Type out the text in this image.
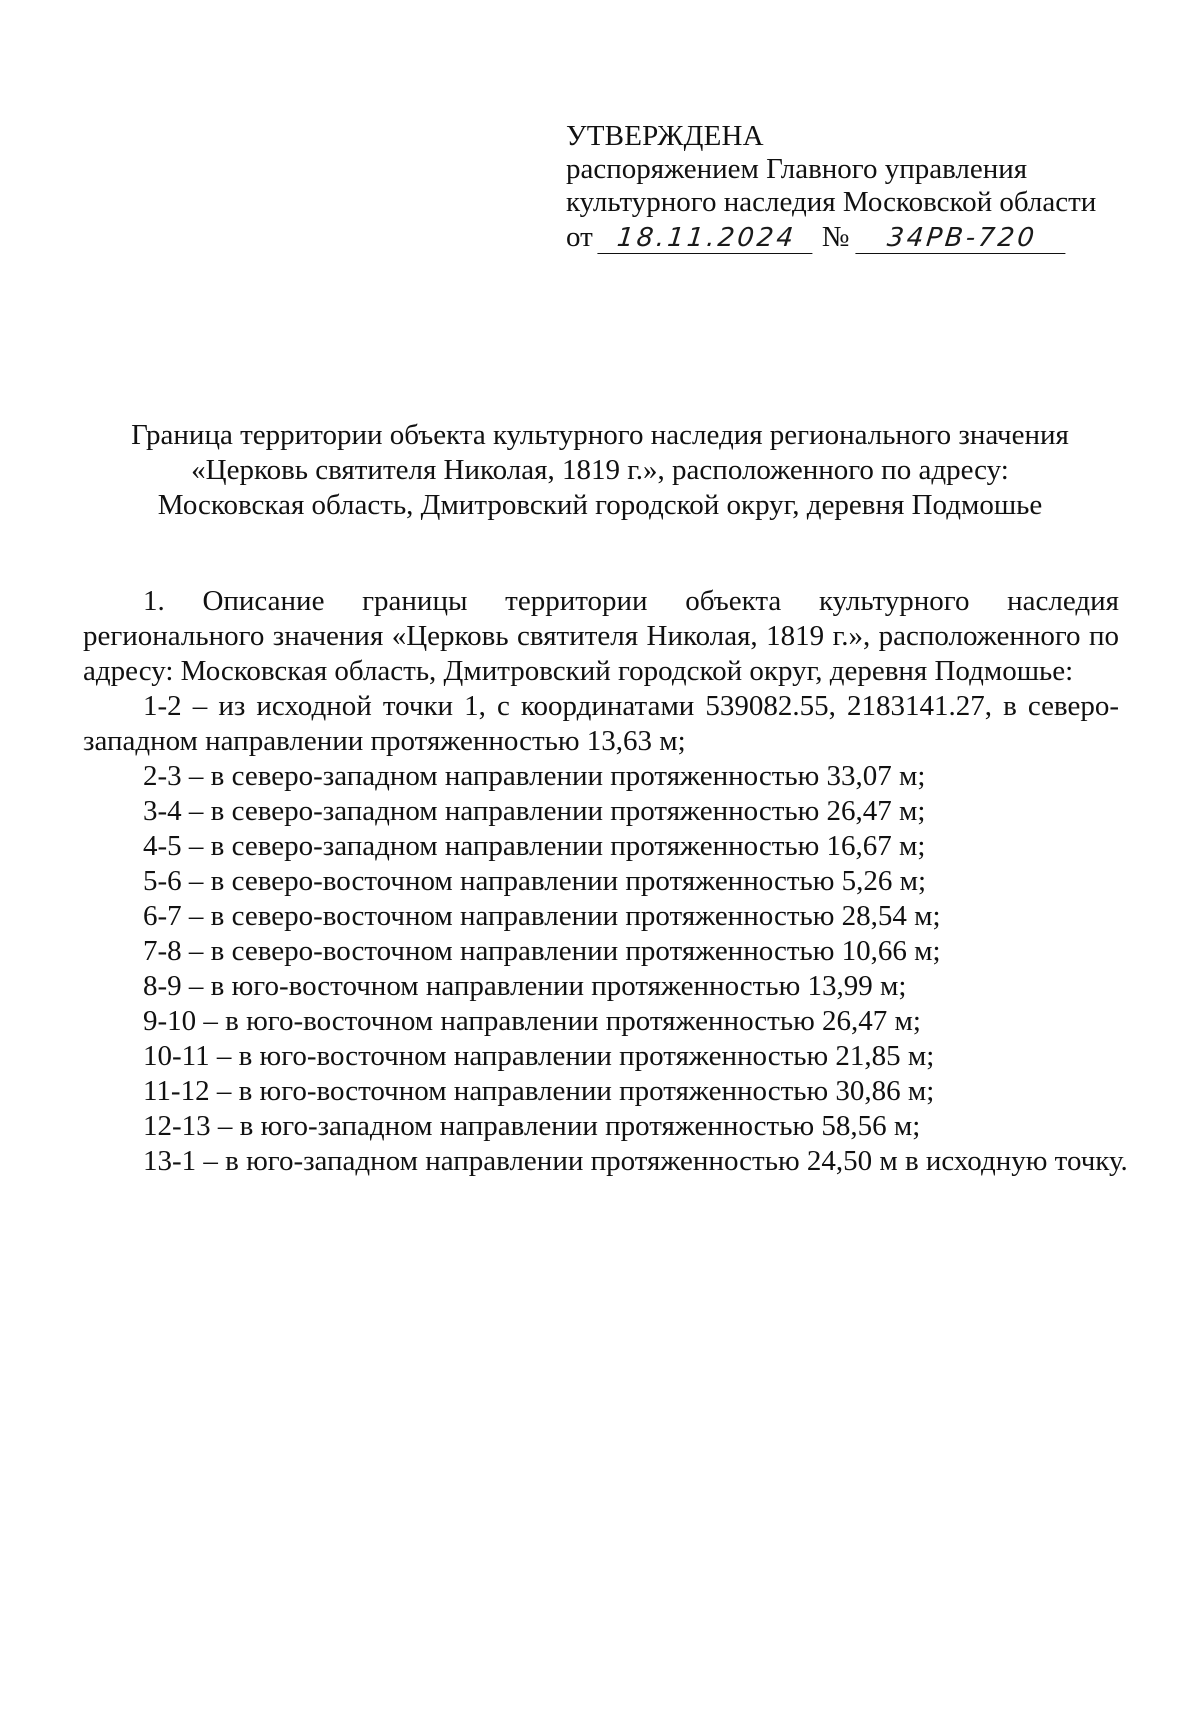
УТВЕРЖДЕНА
распоряжением Главного управления
культурного наследия Московской области
от 18.11.2024 № 34РВ-720
Граница территории объекта культурного наследия регионального значения
«Церковь святителя Николая, 1819 г.», расположенного по адресу:
Московская область, Дмитровский городской округ, деревня Подмошье

1. Описание границы территории объекта культурного наследия регионального значения «Церковь святителя Николая, 1819 г.», расположенного по адресу: Московская область, Дмитровский городской округ, деревня Подмошье:

1-2 – из исходной точки 1, с координатами 539082.55, 2183141.27, в северо-западном направлении протяженностью 13,63 м;

2-3 – в северо-западном направлении протяженностью 33,07 м;

3-4 – в северо-западном направлении протяженностью 26,47 м;

4-5 – в северо-западном направлении протяженностью 16,67 м;

5-6 – в северо-восточном направлении протяженностью 5,26 м;

6-7 – в северо-восточном направлении протяженностью 28,54 м;

7-8 – в северо-восточном направлении протяженностью 10,66 м;

8-9 – в юго-восточном направлении протяженностью 13,99 м;

9-10 – в юго-восточном направлении протяженностью 26,47 м;

10-11 – в юго-восточном направлении протяженностью 21,85 м;

11-12 – в юго-восточном направлении протяженностью 30,86 м;

12-13 – в юго-западном направлении протяженностью 58,56 м;

13-1 – в юго-западном направлении протяженностью 24,50 м в исходную точку.
